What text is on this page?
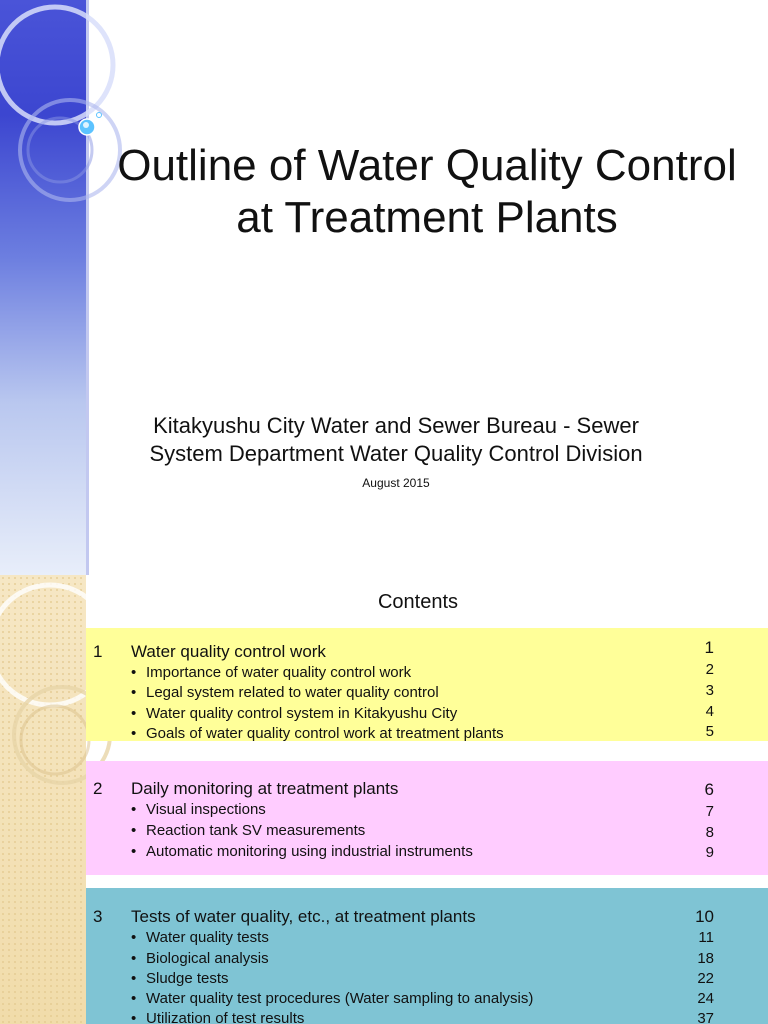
Outline of Water Quality Control
at Treatment Plants
Kitakyushu City Water and Sewer Bureau - Sewer
System Department Water Quality Control Division
August 2015
Contents
1 Water quality control work	1
• Importance of water quality control work	2
• Legal system related to water quality control	3
• Water quality control system in Kitakyushu City	4
• Goals of water quality control work at treatment plants	5
2 Daily monitoring at treatment plants	6
• Visual inspections	7
• Reaction tank SV measurements	8
• Automatic monitoring using industrial instruments	9
3 Tests of water quality, etc., at treatment plants	10
• Water quality tests	11
• Biological analysis	18
• Sludge tests	22
• Water quality test procedures (Water sampling to analysis)	24
• Utilization of test results	37
